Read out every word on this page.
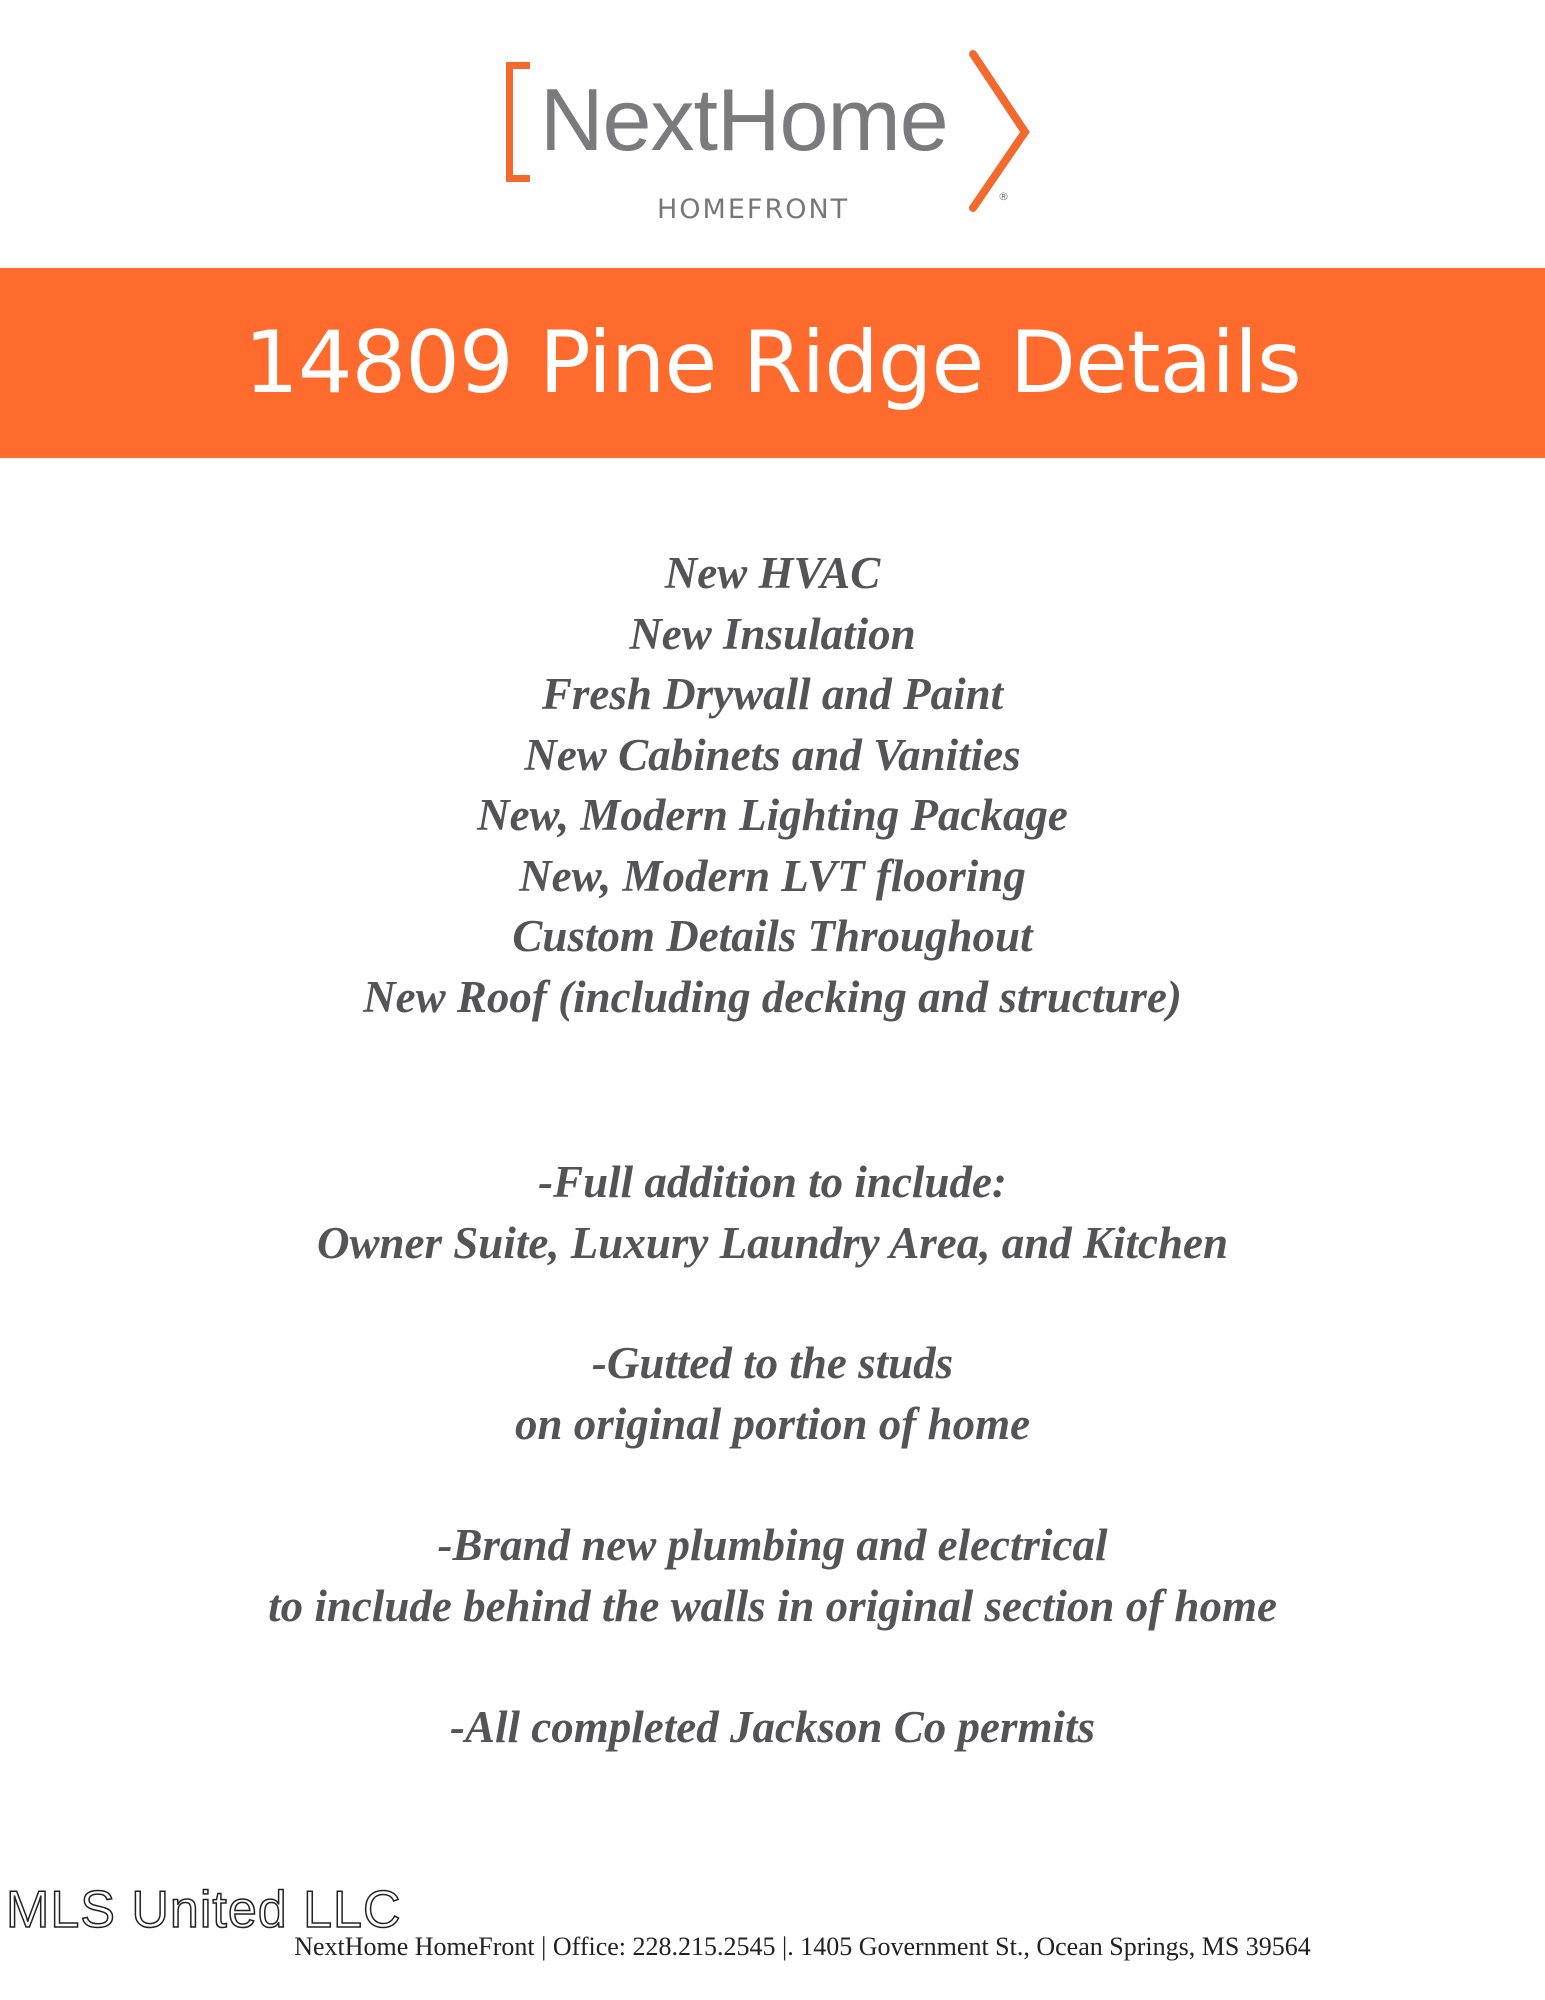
NextHome
®
HOMEFRONT
14809 Pine Ridge Details
New HVAC
New Insulation
Fresh Drywall and Paint
New Cabinets and Vanities
New, Modern Lighting Package
New, Modern LVT flooring
Custom Details Throughout
New Roof (including decking and structure)

-Full addition to include:

Owner Suite, Luxury Laundry Area, and Kitchen

-Gutted to the studs

on original portion of home

-Brand new plumbing and electrical

to include behind the walls in original section of home

-All completed Jackson Co permits

MLS United LLC
NextHome HomeFront | Office: 228.215.2545 |. 1405 Government St., Ocean Springs, MS 39564
